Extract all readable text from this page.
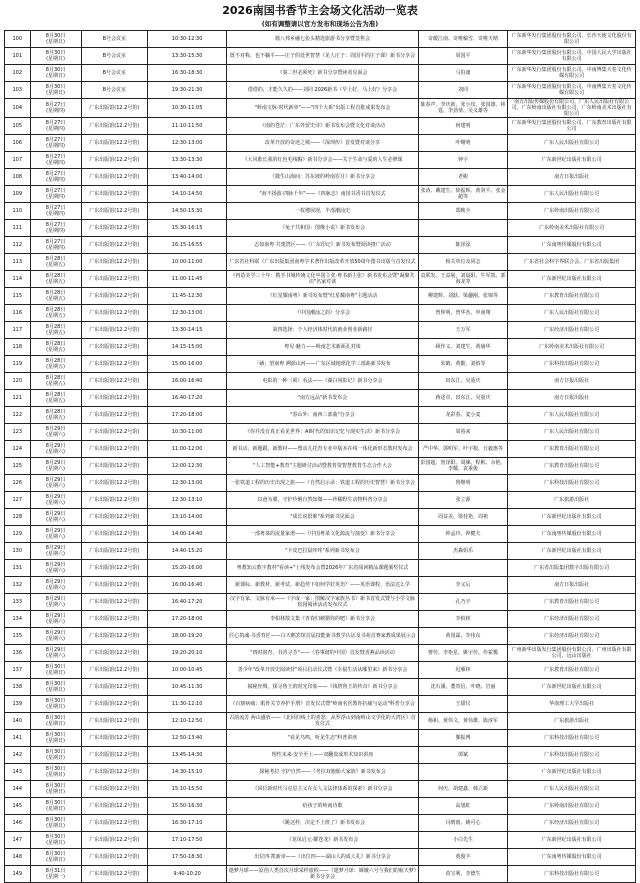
2026南国书香节主会场文化活动一览表
(如有调整请以官方发布和现场公告为准)
100	8月30日
(星期日)	B号会议室	10:30-12:30	骑八邦乡融七张头精选旅游书分享暨签售会	奇暖江南、奇唯稿雪、奇唯天晴	广东新华发行集团股份有限公司、长沙天使文化股份有限公司
101	8月30日
(星期日)	B号会议室	13:30-15:30	既不对称，也不躺平——庄子的处世智慧《见人庄子：周国平的庄子课》新书分享会	周国平	广东新华发行集团股份有限公司、中国人民大学出版社有限公司
102	8月30日
(星期日)	B号会议室	16:30-18:30	《秦二世必须死》新书分享暨读者见面会	马伯庸	广东新华发行集团股份有限公司、中南博集天卷文化传媒有限公司
103	8月30日
(星期日)	B号会议室	19:30-21:30	借借的，才能久久的——刘同 2026新书《早上好，马上好》分享会	刘同	广东新华发行集团股份有限公司、中南博集天卷文化传媒有限公司
104	8月27日
(星期四)	广东出版馆(12.2号馆)	10:30-11:05	"岭南文脉·时代新章"——"四个大系"出版工程首批成果发布会	陈春声、李庆新、张小玫、张国雄、林霆、李劲堃、吴义雄等	南方出版传媒股份有限公司、广东人民出版社有限公司、广东岭南出版社有限公司、广东岭南美术出版社有限公司
105	8月27日
(星期四)	广东出版馆(12.2号馆)	11:10-11:50	《南的苍茫：广东外贸史诗》新书发布会暨文化对谈活动	何建明	广东新华发行集团股份有限公司、广东教育出版社有限公司
106	8月27日
(星期四)	广东出版馆(12.2号馆)	12:30-13:00	改革开放的奇迹之城——《深圳传》首发暨对谈分享	叶曙明	广东人民出版社有限公司
107	8月27日
(星期四)	广东出版馆(12.2号馆)	13:30-13:30	《大风歌长我的红色毛线帽》新书分享会——关于生命与爱的人生必修课	钟宇	广东新世纪出版社有限公司
108	8月27日
(星期四)	广东出版馆(12.2号馆)	13:40-14:00	《微生山海间：苏东坡的岭南岁月》新书分享会	老彬	南方日报出版社
109	8月27日
(星期四)	广东出版馆(12.2号馆)	14:10-14:50	"海不扬波·四脉千年"——《四脉志》南国书香书首发仪式	张涛、戴建生、徐振辉、黄剑平、张金超等	广东人民出版社有限公司
110	8月27日
(星期四)	广东出版馆(12.2号馆)	14:50-15:30	一枚毽展现，半部潮汕史	郑映全	广东岭南出版社有限公司
111	8月27日
(星期四)	广东出版馆(12.2号馆)	15:30-16:15	《兔子共和国：图像小说》新书发布会		广东岭南美术出版社有限公司
112	8月27日
(星期四)	广东出版馆(12.2号馆)	16:15-16:55	志如南粤 共建湾区——《广东印记》新书发布暨阅读推广活动	陈泽泓	广东南粤传媒股份有限公司
113	8月28日
(星期五)	广东出版馆(12.2号馆)	10:00-11:00	广东省社科联《广东出版集团南粤学术著作出版改革开放50周年图书出版与首发仪式	相关单位及同志	广东省社会科学界联合会、广东省出版集团
114	8月28日
(星期五)	广东出版馆(12.2号馆)	11:00-11:45	《再造美学三十年：携手书城传统文化中国主张·粤书新主张》新书发布会暨"凝聚共识"名家对谈	袁联发、王益展、刘晨阳、牛军凯、郭海龙等	广东新世纪出版社有限公司
115	8月28日
(星期五)	广东出版馆(12.2号馆)	11:45-12:30	《红星耀南粤》新书发布暨"红星耀南粤"主题活动	柳建辉、刘跃、梁趣刚、张锦等	广东教育出版社有限公司
116	8月28日
(星期五)	广东出版馆(12.2号馆)	12:30-13:00	《中国潮汕之韵》分享会	曾仲明、曾华杰、申南翔	广东人民出版社有限公司
117	8月28日
(星期五)	广东出版馆(12.2号馆)	13:30-14:15	第四选择：个人经济体时代的就业创业新路径	王万军	广东经济出版社有限公司
118	8月28日
(星期五)	广东出版馆(12.2号馆)	14:15-15:00	粤见·魅力——岭南艺术新面孔对谈	顾作义、刘建生、黄瑜华	广东岭南美术出版社有限公司
119	8月28日
(星期五)	广东出版馆(12.2号馆)	15:00-16:00	「硒」望南粤 溯源山河——广东区域地球化学三部曲新书发布	朱鹤、黄勤、刘焰等	广东科技出版社有限公司
120	8月28日
(星期五)	广东出版馆(12.2号馆)	16:00-16:40	电影的一种（视）看法——《湖白闯影记》新书分享会	田东江、吴重庆	南方日报出版社
121	8月28日
(星期五)	广东出版馆(12.2号馆)	16:40-17:20	"南方远品"新书发布会	蒋述卓、田东江、吴重庆	南方日报出版社
122	8月28日
(星期五)	广东出版馆(12.2号馆)	17:20-18:00	"春山外：南西三部曲"分享会	龙彩春、麦小麦	广东人民出版社有限公司
123	8月29日
(星期六)	广东出版馆(12.2号馆)	10:30-11:00	《你并没有真正看见世界：AI时代的知识记忆与现实生活》新书分享会	周裕来	广东人民出版社有限公司
124	8月29日
(星期六)	广东出版馆(12.2号馆)	11:00-12:00	新书动、新题跟、新教材——塑动儿托育专业中版本在线一体化新形态教材发布会	严中华、郭明军、叶宇根、丘毅惠等	广东教育出版社有限公司
125	8月29日
(星期六)	广东出版馆(12.2号馆)	12:00-12:30	"人工智能+教育"主题研讨活动暨教育资智慧教育生态合作大会	彭国超、詹泽阳、周崃、程彬、余艳、李耀，袁重俊	广东教育出版社有限公司
126	8月29日
(星期六)	广东出版馆(12.2号馆)	12:30-13:00	一张铁道工程的历史出现之旅——《自然启示录：铁道工程的历史智慧》新书分享会	鲁继明	广东科技出版社有限公司
127	8月29日
(星期六)	广东出版馆(12.2号馆)	12:30-13:10	以爸为翼，守护伶俐自然知微——珍稀野生动物科普分享会	张立源	广东旅游出版社
128	8月29日
(星期六)	广东出版馆(12.2号馆)	13:10-14:00	"成长说很难"系列新书见面会	周益美、梁桂艳、周祖	广东新世纪出版社有限公司
129	8月29日
(星期六)	广东出版馆(12.2号馆)	14:00-14:40	一部粤菜的流量家谱——《中国粤菜文化源流与演变》新书分享会	钟孟玲、钟健夫	广东南粤传媒股份有限公司
130	8月29日
(星期六)	广东出版馆(12.2号馆)	14:40-15:20	"卡皮巴拉鼠咔咔"系列新书发布会	杰森姐乐	广东新世纪出版社有限公司
131	8月29日
(星期六)	广东出版馆(12.2号馆)	15:20-16:00	粤教知云数字教材"看读+"上线发布会暨2026年广东省阅读精品课题颁奖仪式		广东省出版集团数字出版有限公司
132	8月29日
(星期六)	广东出版馆(12.2号馆)	16:00-16:40	新课标、新教材、新考试、新趋势下如何学好英语？——英语课程、语法达么学	李义后	南方日报出版社
133	8月29日
(星期六)	广东出版馆(12.2号馆)	16:40-17:20	汉字有家、文脉有承——《字成一家：图解汉字家族丛书》新书首发式暨与小学文脉校园阅读活动发布仪式	孔乃宇	广东教育出版社有限公司
134	8月29日
(星期六)	广东出版馆(12.2号馆)	17:20-18:00	李柏林散文集《青春归刺猬你的吧》新书分享会	李柏林	广东经济出版社有限公司
135	8月29日
(星期六)	广东出版馆(12.2号馆)	18:00-19:20	匠心筑魂·书香育匠——白天鹅宾馆首届技能新书教学认证及书苑首赛家教成果展示会	黄国霖、李伟东	广东经济出版社有限公司
136	8月29日
(星期六)	广东出版馆(12.2号馆)	19:20-20:10	"四时润育，书香寻芳"——《春事谐的中国》首发暨香燕品读活动	曹佳、李艳星、姚宇佳、作霍瓢	广州新华出版发行集团股份有限公司、广州出版社有限公司、远山出版社
137	8月30日
(星期日)	广东出版馆(12.2号馆)	10:00-10:45	善少年"改革开放史阅读营"项目启动仪式暨《幸福生活从哪里来》新书分享会	迟雁林	广东教育出版社有限公司
138	8月30日
(星期日)	广东出版馆(12.2号馆)	10:45-11:30	揭秘丝绸，探寻鲁王的时光印象——《钱塔鲁王的传奇》新书分享会	沈石溪、董贵信、叶晓、岩丽	广东新世纪出版社有限公司
139	8月30日
(星期日)	广东出版馆(12.2号馆)	11:30-12:10	《百割病痛：肌骨关节养护手册》首发仪式暨"岭南名医教你抗痛与运动"科普分享会	王甜仪	华南理工大学出版社
140	8月30日
(星期日)	广东出版馆(12.2号馆)	12:10-12:50	古韵流芳 两山盛放——《北回归线上的喜怒：从罗浮山到南岭山文学化的大湾区》首发仪式	杨和、黄伟文、黄伟雄、陈淳军	广东旅游出版社
141	8月30日
(星期日)	广东出版馆(12.2号馆)	12:50-13:40	"看见鸟鸣，听见生态"科普讲座	鄞振博	广东科技出版社有限公司
142	8月30日
(星期日)	广东出版馆(12.2号馆)	13:45-14:30	理性未来·安全至上——双翻盘成形术知识讲座	谭斌	广东科技出版社有限公司
143	8月30日
(星期日)	广东出版馆(12.2号馆)	14:30-15:10	探秘考拉 守护自然——《考拉双胞胎大家族》新书发布会		广东新世纪出版社有限公司
144	8月30日
(星期日)	广东出版馆(12.2号馆)	15:10-15:50	《回位新时代马克思主义在女人文法律体系的探索》新书分享会	何庆、胡建鑫、韩立新	广东人民出版社有限公司
145	8月30日
(星期日)	广东出版馆(12.2号馆)	15:50-16:30	给孩子的岭南诗歌	高旭虹	广东岭南出版社有限公司
146	8月30日
(星期日)	广东出版馆(12.2号馆)	16:30-17:10	《跳这样，决定不上班了》新书发布会	闫晴雨、姚可心	广东经济出版社有限公司
147	8月30日
(星期日)	广东出版馆(12.2号馆)	17:10-17:50	《龙凤启元·耀苍龙》新书发布会	小白先生	广东新世纪出版社有限公司
148	8月30日
(星期日)	广东出版馆(12.2号馆)	17:50-18:30	出位四·凯新章——《出位四——湖山人的成人礼》新书分享会	黄俊丰	广东南粤传媒股份有限公司
149	8月31日
(星期一)	广东出版馆(12.2号馆)	9:40-10:20	遨梦月球——原创人类首次月球采样旅程——《遨梦月球：嫦娥六号与我们的航天梦》新书分享会	苗宝利、李德生	广东科技出版社有限公司
